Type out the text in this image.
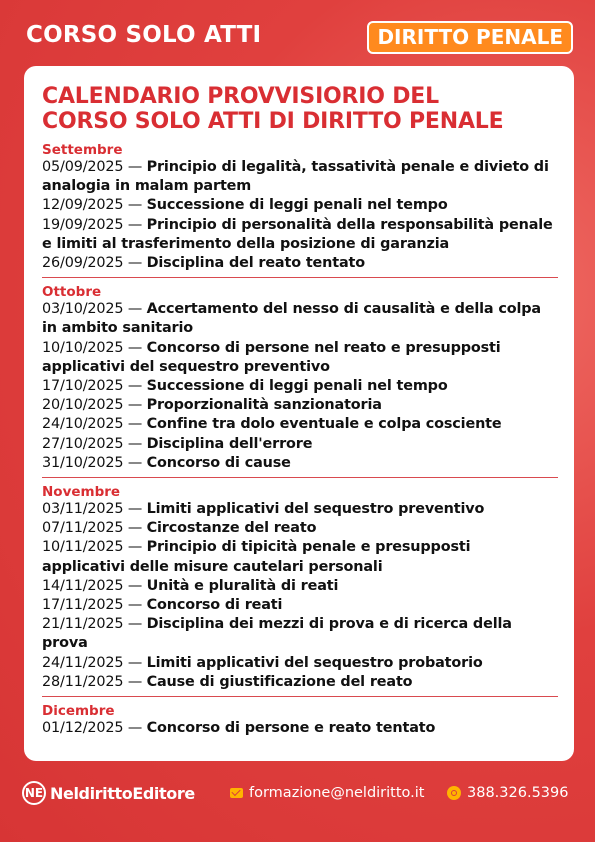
CORSO SOLO ATTI	DIRITTO PENALE
CALENDARIO PROVVISIORIO DEL
CORSO SOLO ATTI DI DIRITTO PENALE
Settembre

05/09/2025 — Principio di legalità, tassatività penale e divieto di analogia in malam partem

12/09/2025 — Successione di leggi penali nel tempo

19/09/2025 — Principio di personalità della responsabilità penale e limiti al trasferimento della posizione di garanzia

26/09/2025 — Disciplina del reato tentato

Ottobre

03/10/2025 — Accertamento del nesso di causalità e della colpa in ambito sanitario

10/10/2025 — Concorso di persone nel reato e presupposti applicativi del sequestro preventivo

17/10/2025 — Successione di leggi penali nel tempo

20/10/2025 — Proporzionalità sanzionatoria

24/10/2025 — Confine tra dolo eventuale e colpa cosciente

27/10/2025 — Disciplina dell'errore

31/10/2025 — Concorso di cause

Novembre

03/11/2025 — Limiti applicativi del sequestro preventivo

07/11/2025 — Circostanze del reato

10/11/2025 — Principio di tipicità penale e presupposti applicativi delle misure cautelari personali

14/11/2025 — Unità e pluralità di reati

17/11/2025 — Concorso di reati

21/11/2025 — Disciplina dei mezzi di prova e di ricerca della prova

24/11/2025 — Limiti applicativi del sequestro probatorio

28/11/2025 — Cause di giustificazione del reato

Dicembre

01/12/2025 — Concorso di persone e reato tentato

NE NeldirittoEditore	formazione@neldiritto.it	388.326.5396
